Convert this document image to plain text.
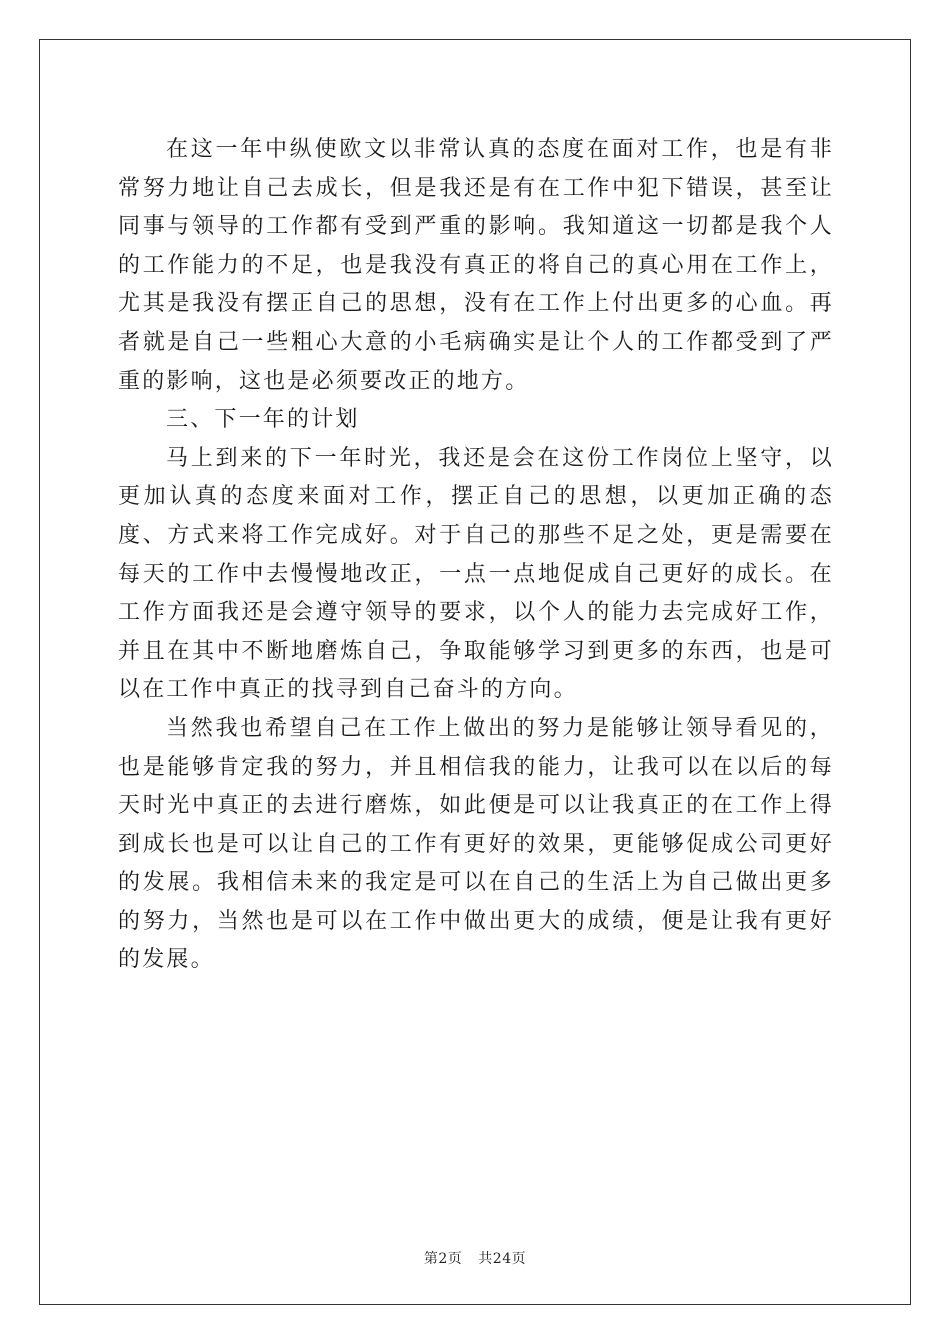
在这一年中纵使欧文以非常认真的态度在面对工作，也是有非常努力地让自己去成长，但是我还是有在工作中犯下错误，甚至让同事与领导的工作都有受到严重的影响。我知道这一切都是我个人的工作能力的不足，也是我没有真正的将自己的真心用在工作上，尤其是我没有摆正自己的思想，没有在工作上付出更多的心血。再者就是自己一些粗心大意的小毛病确实是让个人的工作都受到了严重的影响，这也是必须要改正的地方。

三、下一年的计划

马上到来的下一年时光，我还是会在这份工作岗位上坚守，以更加认真的态度来面对工作，摆正自己的思想，以更加正确的态度、方式来将工作完成好。对于自己的那些不足之处，更是需要在每天的工作中去慢慢地改正，一点一点地促成自己更好的成长。在工作方面我还是会遵守领导的要求，以个人的能力去完成好工作，并且在其中不断地磨炼自己，争取能够学习到更多的东西，也是可以在工作中真正的找寻到自己奋斗的方向。

当然我也希望自己在工作上做出的努力是能够让领导看见的，也是能够肯定我的努力，并且相信我的能力，让我可以在以后的每天时光中真正的去进行磨炼，如此便是可以让我真正的在工作上得到成长也是可以让自己的工作有更好的效果，更能够促成公司更好的发展。我相信未来的我定是可以在自己的生活上为自己做出更多的努力，当然也是可以在工作中做出更大的成绩，便是让我有更好的发展。

第2页 共24页
